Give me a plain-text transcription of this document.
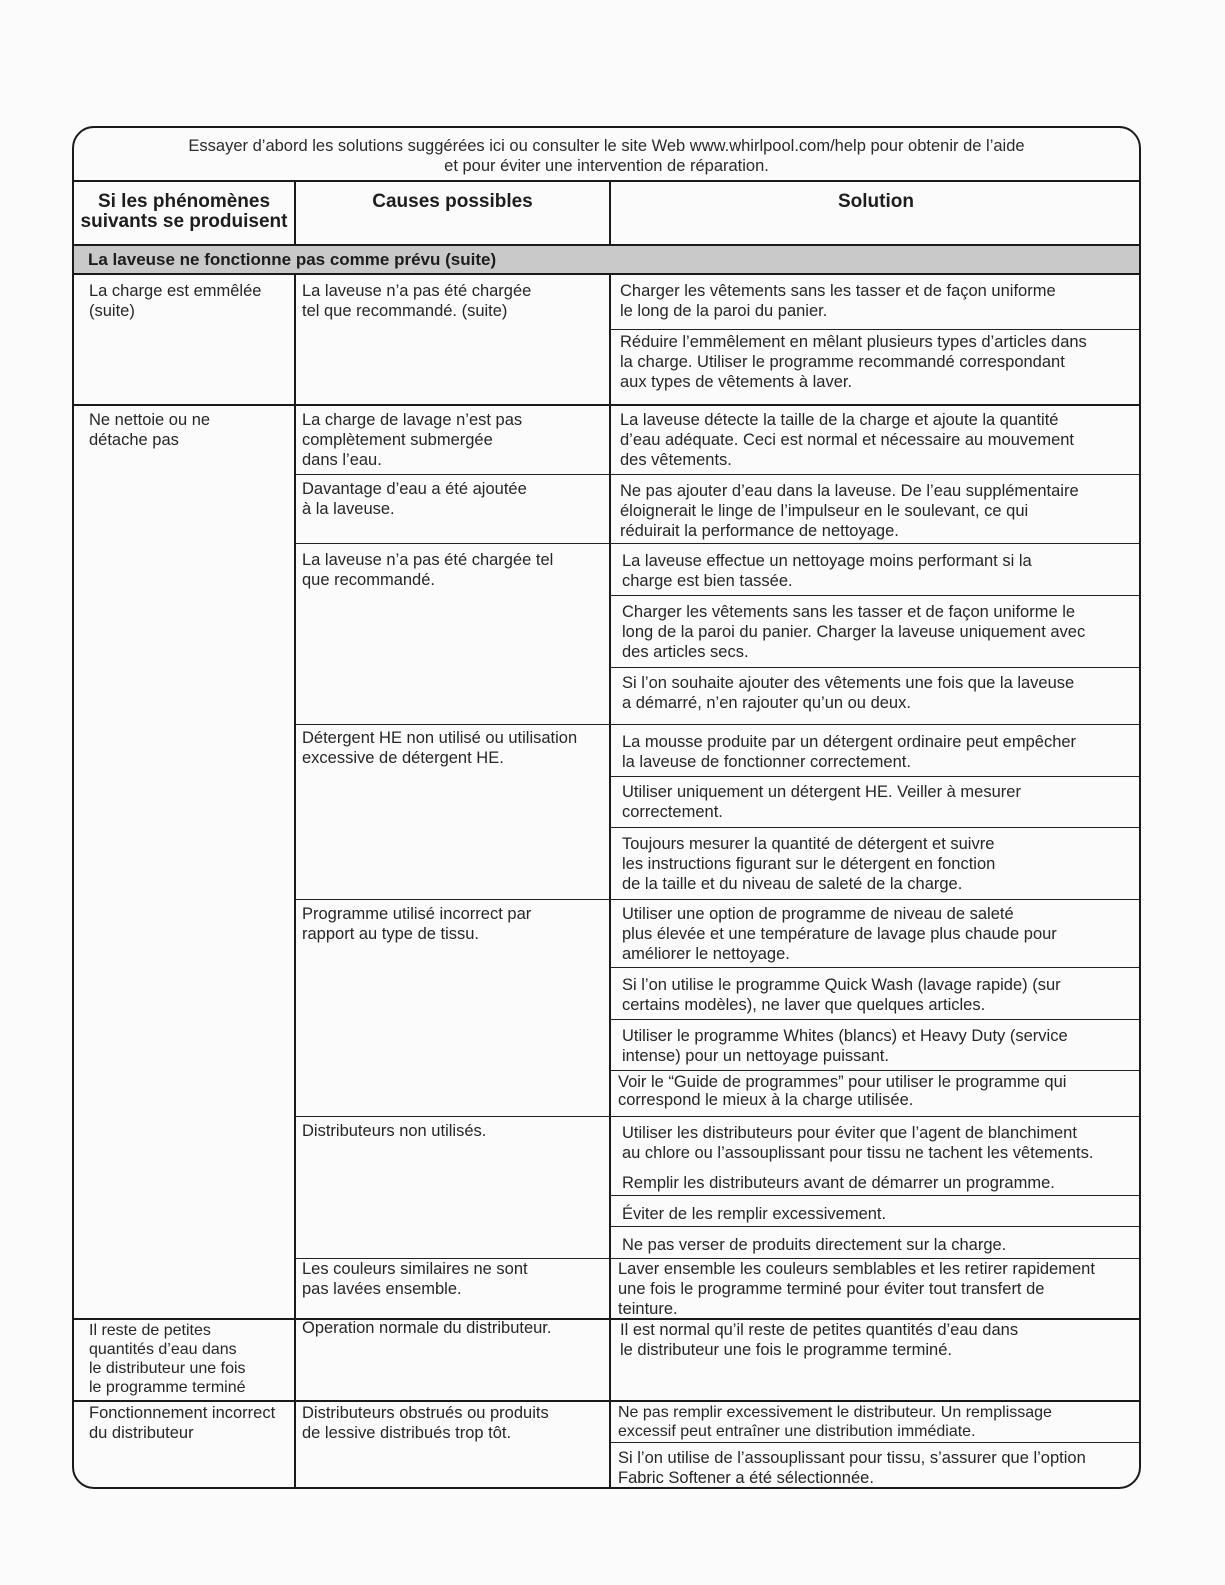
Essayer d’abord les solutions suggérées ici ou consulter le site Web www.whirlpool.com/help pour obtenir de l’aide
et pour éviter une intervention de réparation.
Si les phénomènes
suivants se produisent
Causes possibles	Solution
La laveuse ne fonctionne pas comme prévu (suite)
La charge est emmêlée
(suite)
Ne nettoie ou ne
détache pas
Il reste de petites
quantités d’eau dans
le distributeur une fois
le programme terminé
Fonctionnement incorrect
du distributeur
La laveuse n’a pas été chargée
tel que recommandé. (suite)
La charge de lavage n’est pas
complètement submergée
dans l’eau.
Davantage d’eau a été ajoutée
à la laveuse.
La laveuse n’a pas été chargée tel
que recommandé.
Détergent HE non utilisé ou utilisation
excessive de détergent HE.
Programme utilisé incorrect par
rapport au type de tissu.
Distributeurs non utilisés.
Les couleurs similaires ne sont
pas lavées ensemble.
Operation normale du distributeur.
Distributeurs obstrués ou produits
de lessive distribués trop tôt.
Charger les vêtements sans les tasser et de façon uniforme
le long de la paroi du panier.
Réduire l’emmêlement en mêlant plusieurs types d’articles dans
la charge. Utiliser le programme recommandé correspondant
aux types de vêtements à laver.
La laveuse détecte la taille de la charge et ajoute la quantité
d’eau adéquate. Ceci est normal et nécessaire au mouvement
des vêtements.
Ne pas ajouter d’eau dans la laveuse. De l’eau supplémentaire
éloignerait le linge de l’impulseur en le soulevant, ce qui
réduirait la performance de nettoyage.
La laveuse effectue un nettoyage moins performant si la
charge est bien tassée.
Charger les vêtements sans les tasser et de façon uniforme le
long de la paroi du panier. Charger la laveuse uniquement avec
des articles secs.
Si l’on souhaite ajouter des vêtements une fois que la laveuse
a démarré, n’en rajouter qu’un ou deux.
La mousse produite par un détergent ordinaire peut empêcher
la laveuse de fonctionner correctement.
Utiliser uniquement un détergent HE. Veiller à mesurer
correctement.
Toujours mesurer la quantité de détergent et suivre
les instructions figurant sur le détergent en fonction
de la taille et du niveau de saleté de la charge.
Utiliser une option de programme de niveau de saleté
plus élevée et une température de lavage plus chaude pour
améliorer le nettoyage.
Si l’on utilise le programme Quick Wash (lavage rapide) (sur
certains modèles), ne laver que quelques articles.
Utiliser le programme Whites (blancs) et Heavy Duty (service
intense) pour un nettoyage puissant.
Voir le “Guide de programmes” pour utiliser le programme qui
correspond le mieux à la charge utilisée.
Utiliser les distributeurs pour éviter que l’agent de blanchiment
au chlore ou l’assouplissant pour tissu ne tachent les vêtements.
Remplir les distributeurs avant de démarrer un programme.
Éviter de les remplir excessivement.
Ne pas verser de produits directement sur la charge.
Laver ensemble les couleurs semblables et les retirer rapidement
une fois le programme terminé pour éviter tout transfert de
teinture.
Il est normal qu’il reste de petites quantités d’eau dans
le distributeur une fois le programme terminé.
Ne pas remplir excessivement le distributeur. Un remplissage
excessif peut entraîner une distribution immédiate.
Si l’on utilise de l’assouplissant pour tissu, s’assurer que l’option
Fabric Softener a été sélectionnée.
